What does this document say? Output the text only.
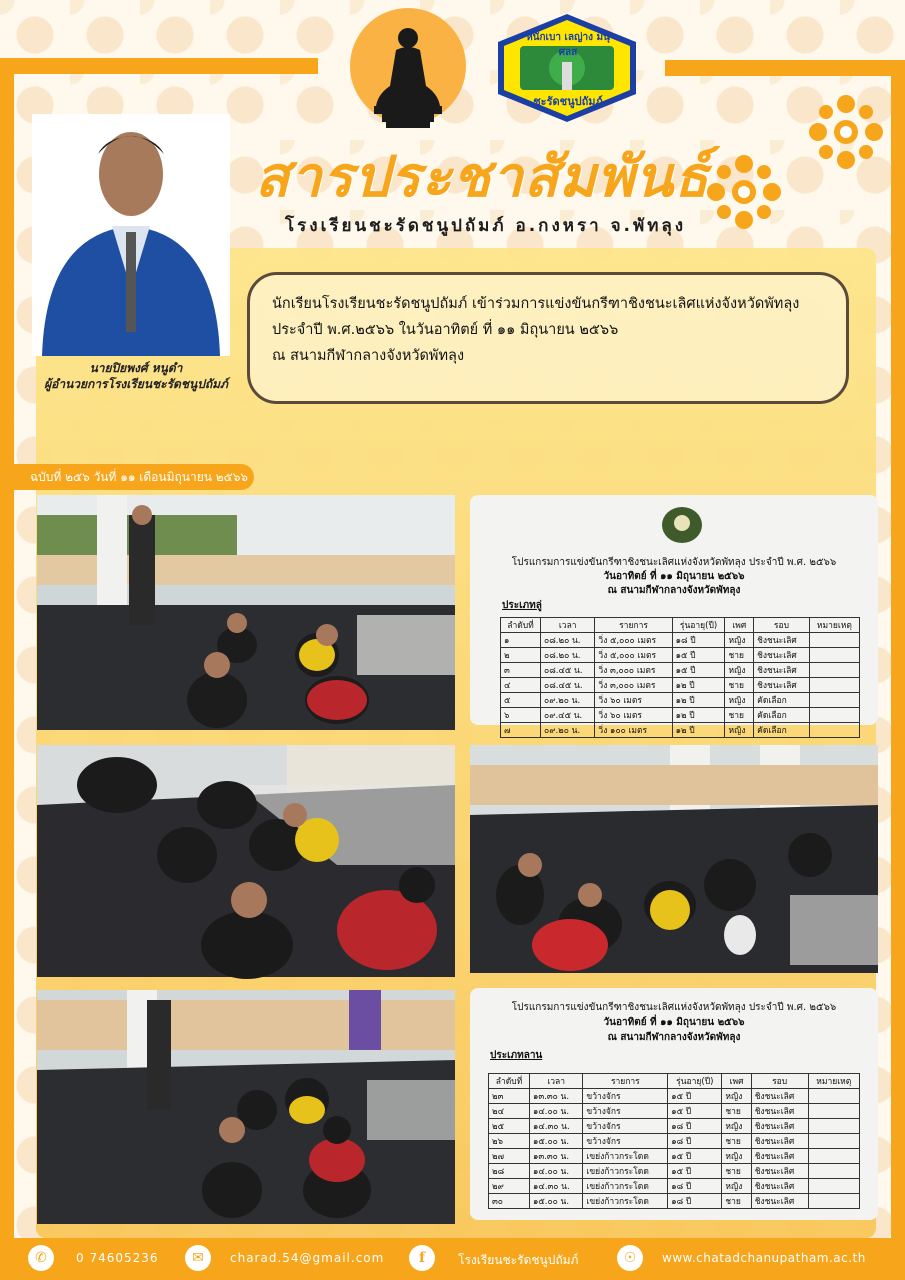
หนักเบา เลญ่าง มนุศลส
ชะรัดชนูปถัมภ์
สารประชาสัมพันธ์
โรงเรียนชะรัดชนูปถัมภ์ อ.กงหรา จ.พัทลุง
นายปิยพงศ์ หนูดำ
ผู้อำนวยการโรงเรียนชะรัดชนูปถัมภ์

นักเรียนโรงเรียนชะรัดชนูปถัมภ์ เข้าร่วมการแข่งขันกรีฑาชิงชนะเลิศแห่งจังหวัดพัทลุง

ประจำปี พ.ศ.๒๕๖๖ ในวันอาทิตย์ ที่ ๑๑ มิถุนายน ๒๕๖๖

ณ สนามกีฬากลางจังหวัดพัทลุง

ฉบับที่ ๒๕๖ วันที่ ๑๑ เดือนมิถุนายน ๒๕๖๖
โปรแกรมการแข่งขันกรีฑาชิงชนะเลิศแห่งจังหวัดพัทลุง ประจำปี พ.ศ. ๒๕๖๖
วันอาทิตย์ ที่ ๑๑ มิถุนายน ๒๕๖๖
ณ สนามกีฬากลางจังหวัดพัทลุง
ประเภทลู่
ลำดับที่	เวลา	รายการ	รุ่นอายุ(ปี)	เพศ	รอบ	หมายเหตุ
๑	๐๘.๒๐ น.	วิ่ง ๕,๐๐๐ เมตร	๑๘ ปี	หญิง	ชิงชนะเลิศ	
๒	๐๘.๒๐ น.	วิ่ง ๕,๐๐๐ เมตร	๑๕ ปี	ชาย	ชิงชนะเลิศ	
๓	๐๘.๔๕ น.	วิ่ง ๓,๐๐๐ เมตร	๑๕ ปี	หญิง	ชิงชนะเลิศ	
๔	๐๘.๔๕ น.	วิ่ง ๓,๐๐๐ เมตร	๑๒ ปี	ชาย	ชิงชนะเลิศ	
๕	๐๙.๒๐ น.	วิ่ง ๖๐ เมตร	๑๒ ปี	หญิง	คัดเลือก	
๖	๐๙.๔๕ น.	วิ่ง ๖๐ เมตร	๑๒ ปี	ชาย	คัดเลือก	
๗	๐๙.๒๐ น.	วิ่ง ๑๐๐ เมตร	๑๒ ปี	หญิง	คัดเลือก	
โปรแกรมการแข่งขันกรีฑาชิงชนะเลิศแห่งจังหวัดพัทลุง ประจำปี พ.ศ. ๒๕๖๖
วันอาทิตย์ ที่ ๑๑ มิถุนายน ๒๕๖๖
ณ สนามกีฬากลางจังหวัดพัทลุง
ประเภทลาน
ลำดับที่	เวลา	รายการ	รุ่นอายุ(ปี)	เพศ	รอบ	หมายเหตุ
๒๓	๑๓.๓๐ น.	ขว้างจักร	๑๕ ปี	หญิง	ชิงชนะเลิศ	
๒๔	๑๔.๐๐ น.	ขว้างจักร	๑๕ ปี	ชาย	ชิงชนะเลิศ	
๒๕	๑๔.๓๐ น.	ขว้างจักร	๑๘ ปี	หญิง	ชิงชนะเลิศ	
๒๖	๑๕.๐๐ น.	ขว้างจักร	๑๘ ปี	ชาย	ชิงชนะเลิศ	
๒๗	๑๓.๓๐ น.	เขย่งก้าวกระโดด	๑๕ ปี	หญิง	ชิงชนะเลิศ	
๒๘	๑๔.๐๐ น.	เขย่งก้าวกระโดด	๑๕ ปี	ชาย	ชิงชนะเลิศ	
๒๙	๑๔.๓๐ น.	เขย่งก้าวกระโดด	๑๘ ปี	หญิง	ชิงชนะเลิศ	
๓๐	๑๕.๐๐ น.	เขย่งก้าวกระโดด	๑๘ ปี	ชาย	ชิงชนะเลิศ	
✆	0 74605236	✉	charad.54@gmail.com	f	โรงเรียนชะรัดชนูปถัมภ์	☉	www.chatadchanupatham.ac.th
